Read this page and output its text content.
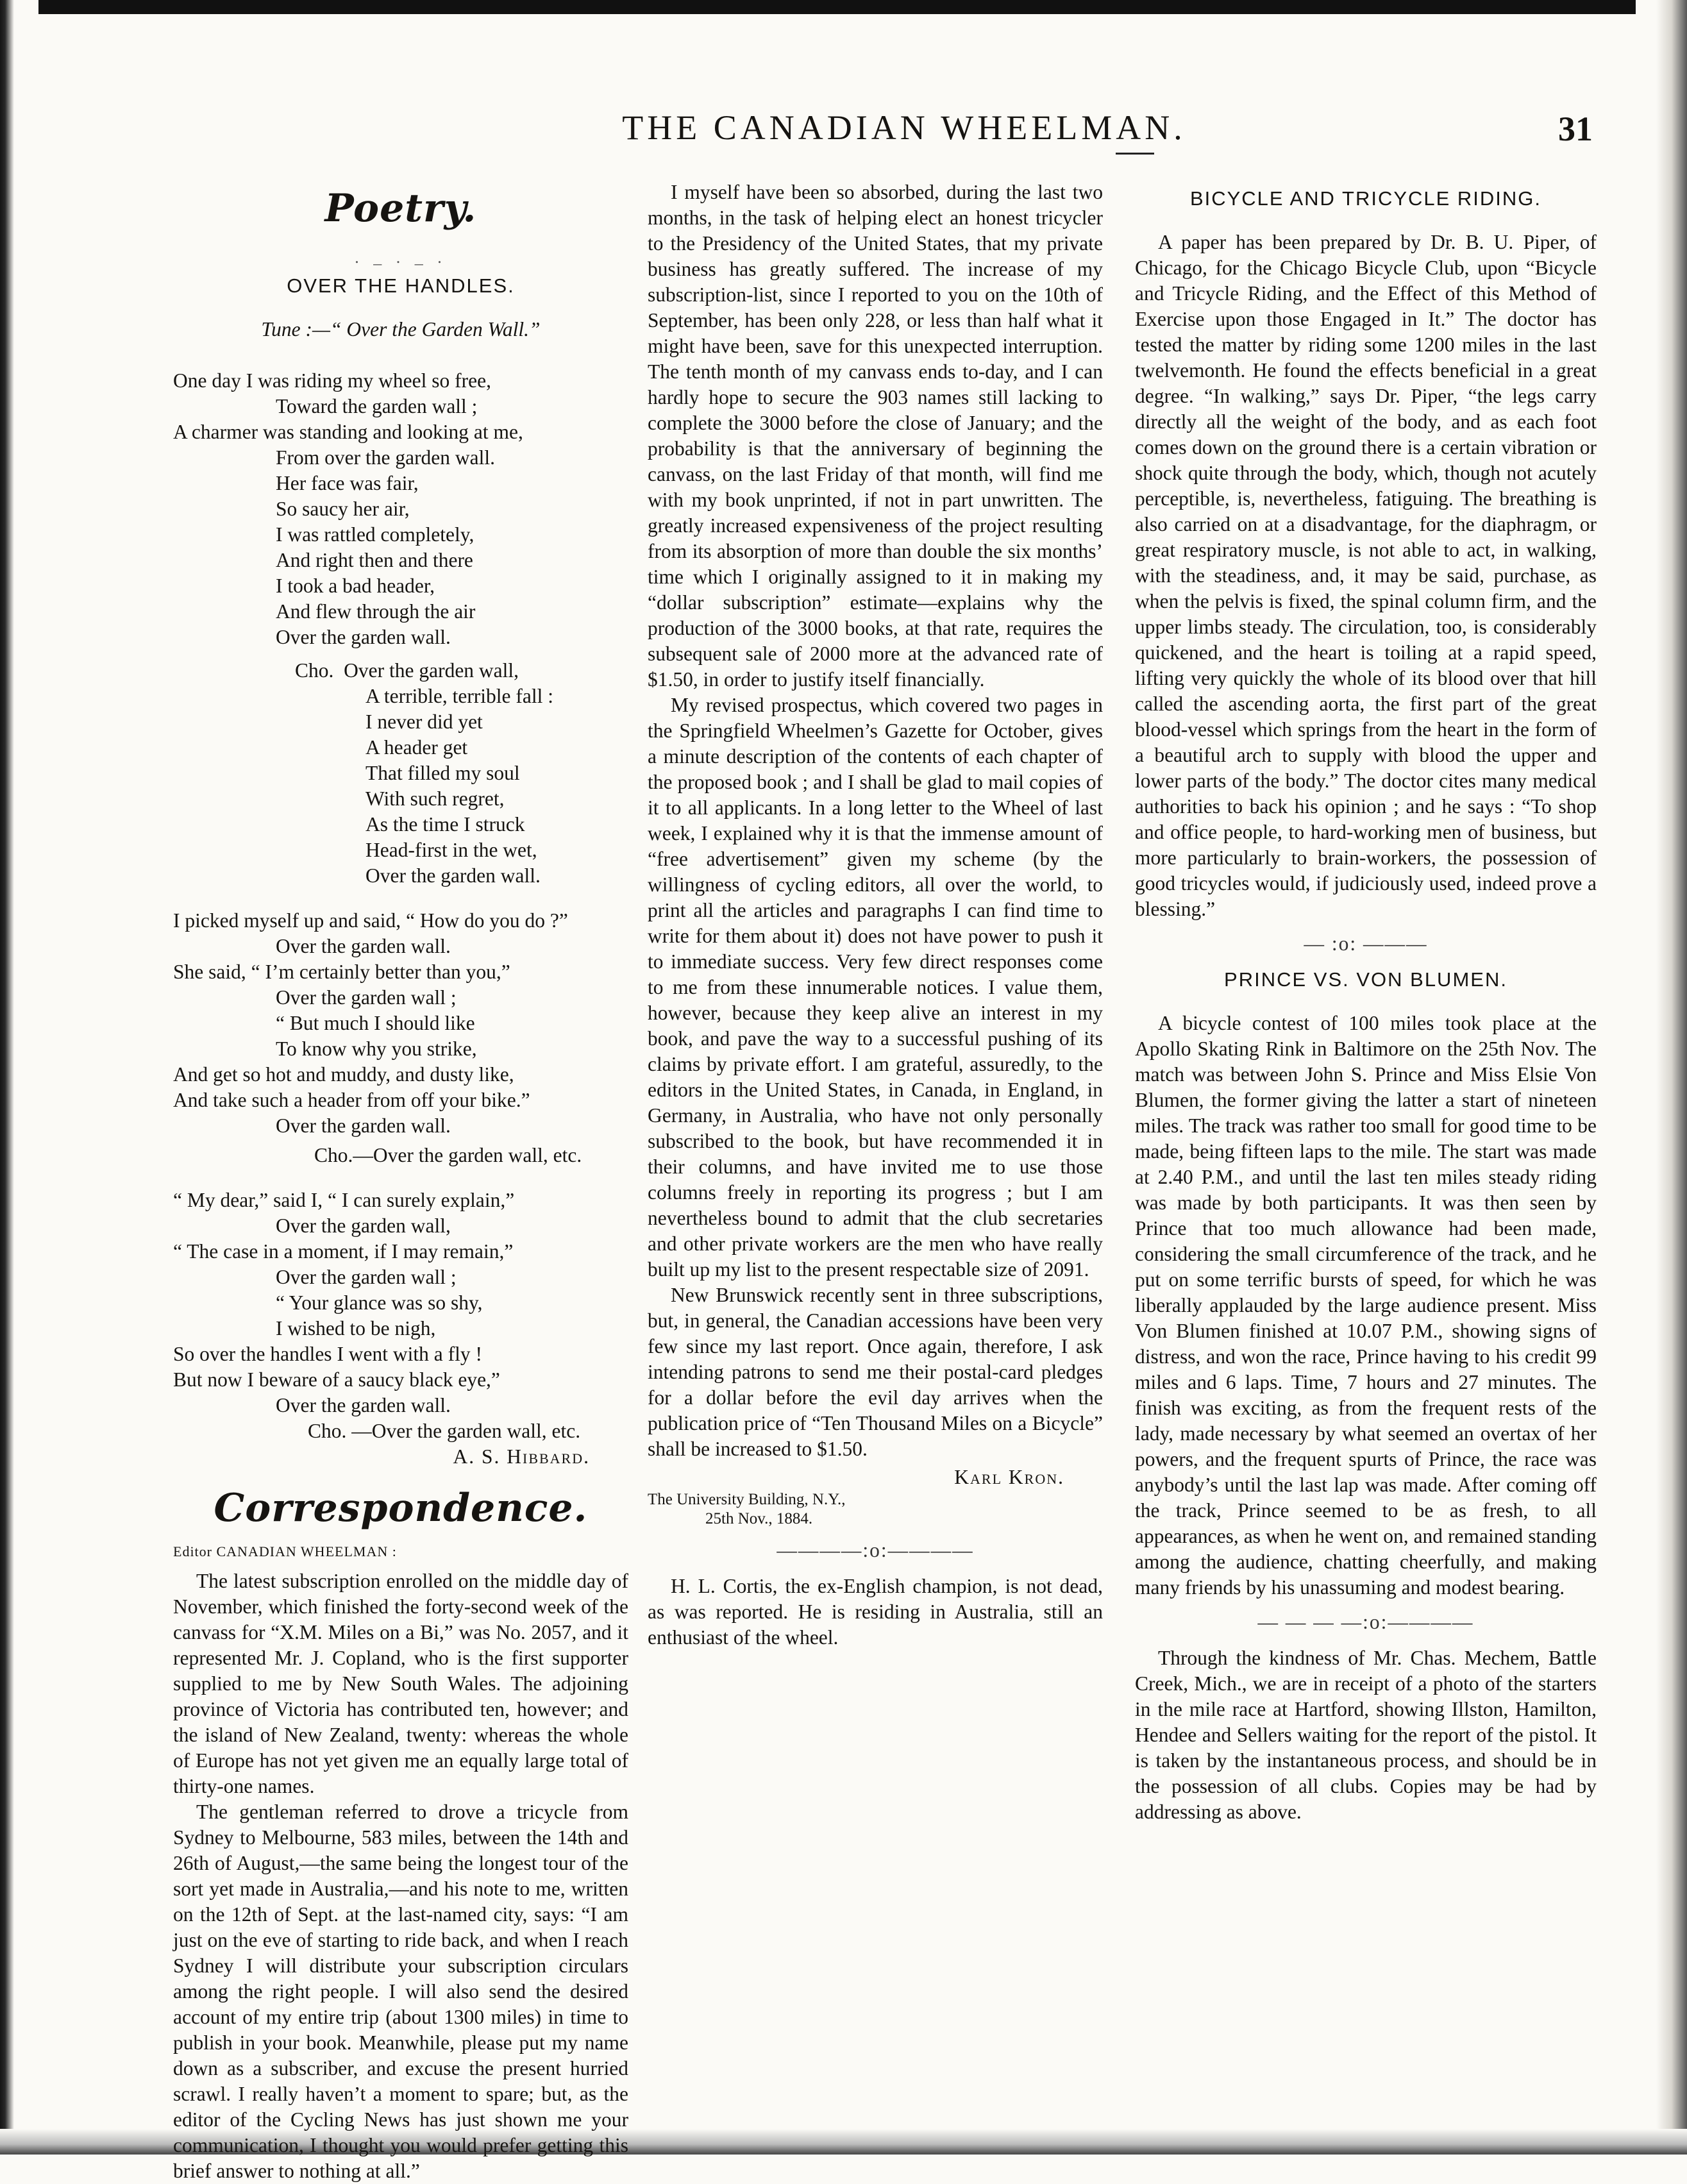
THE CANADIAN WHEELMAN.	31
Poetry.
. _ . _ .
OVER THE HANDLES.
Tune :—“ Over the Garden Wall.”
One day I was riding my wheel so free,
Toward the garden wall ;
A charmer was standing and looking at me,
From over the garden wall.
Her face was fair,
So saucy her air,
I was rattled completely,
And right then and there
I took a bad header,
And flew through the air
Over the garden wall.
Cho. Over the garden wall,
A terrible, terrible fall :
I never did yet
A header get
That filled my soul
With such regret,
As the time I struck
Head-first in the wet,
Over the garden wall.
I picked myself up and said, “ How do you do ?”
Over the garden wall.
She said, “ I’m certainly better than you,”
Over the garden wall ;
“ But much I should like
To know why you strike,
And get so hot and muddy, and dusty like,
And take such a header from off your bike.”
Over the garden wall.
Cho.—Over the garden wall, etc.
“ My dear,” said I, “ I can surely explain,”
Over the garden wall,
“ The case in a moment, if I may remain,”
Over the garden wall ;
“ Your glance was so shy,
I wished to be nigh,
So over the handles I went with a fly !
But now I beware of a saucy black eye,”
Over the garden wall.
Cho. —Over the garden wall, etc.
A. S. Hibbard.
Correspondence.

Editor CANADIAN WHEELMAN :

The latest subscription enrolled on the middle day of November, which finished the forty-second week of the canvass for “X.M. Miles on a Bi,” was No. 2057, and it represented Mr. J. Copland, who is the first supporter supplied to me by New South Wales. The adjoining province of Victoria has contributed ten, however; and the island of New Zealand, twenty: whereas the whole of Europe has not yet given me an equally large total of thirty-one names.

The gentleman referred to drove a tricycle from Sydney to Melbourne, 583 miles, between the 14th and 26th of August,—the same being the longest tour of the sort yet made in Australia,—and his note to me, written on the 12th of Sept. at the last-named city, says: “I am just on the eve of starting to ride back, and when I reach Sydney I will distribute your subscription circulars among the right people. I will also send the desired account of my entire trip (about 1300 miles) in time to publish in your book. Meanwhile, please put my name down as a subscriber, and excuse the present hurried scrawl. I really haven’t a moment to spare; but, as the editor of the Cycling News has just shown me your communication, I thought you would prefer getting this brief answer to nothing at all.”

I myself have been so absorbed, during the last two months, in the task of helping elect an honest tricycler to the Presidency of the United States, that my private business has greatly suffered. The increase of my subscription-list, since I reported to you on the 10th of September, has been only 228, or less than half what it might have been, save for this unexpected interruption. The tenth month of my canvass ends to-day, and I can hardly hope to secure the 903 names still lacking to complete the 3000 before the close of January; and the probability is that the anniversary of beginning the canvass, on the last Friday of that month, will find me with my book unprinted, if not in part unwritten. The greatly increased expensiveness of the project resulting from its absorption of more than double the six months’ time which I originally assigned to it in making my “dollar subscription” estimate—explains why the production of the 3000 books, at that rate, requires the subsequent sale of 2000 more at the advanced rate of $1.50, in order to justify itself financially.

My revised prospectus, which covered two pages in the Springfield Wheelmen’s Gazette for October, gives a minute description of the contents of each chapter of the proposed book ; and I shall be glad to mail copies of it to all applicants. In a long letter to the Wheel of last week, I explained why it is that the immense amount of “free advertisement” given my scheme (by the willingness of cycling editors, all over the world, to print all the articles and paragraphs I can find time to write for them about it) does not have power to push it to immediate success. Very few direct responses come to me from these innumerable notices. I value them, however, because they keep alive an interest in my book, and pave the way to a successful pushing of its claims by private effort. I am grateful, assuredly, to the editors in the United States, in Canada, in England, in Germany, in Australia, who have not only personally subscribed to the book, but have recommended it in their columns, and have invited me to use those columns freely in reporting its progress ; but I am nevertheless bound to admit that the club secretaries and other private workers are the men who have really built up my list to the present respectable size of 2091.

New Brunswick recently sent in three subscriptions, but, in general, the Canadian accessions have been very few since my last report. Once again, therefore, I ask intending patrons to send me their postal-card pledges for a dollar before the evil day arrives when the publication price of “Ten Thousand Miles on a Bicycle” shall be increased to $1.50.

Karl Kron.

The University Building, N.Y.,

25th Nov., 1884.

————:o:————

H. L. Cortis, the ex-English champion, is not dead, as was reported. He is residing in Australia, still an enthusiast of the wheel.

BICYCLE AND TRICYCLE RIDING.

A paper has been prepared by Dr. B. U. Piper, of Chicago, for the Chicago Bicycle Club, upon “Bicycle and Tricycle Riding, and the Effect of this Method of Exercise upon those Engaged in It.” The doctor has tested the matter by riding some 1200 miles in the last twelvemonth. He found the effects beneficial in a great degree. “In walking,” says Dr. Piper, “the legs carry directly all the weight of the body, and as each foot comes down on the ground there is a certain vibration or shock quite through the body, which, though not acutely perceptible, is, nevertheless, fatiguing. The breathing is also carried on at a disadvantage, for the diaphragm, or great respiratory muscle, is not able to act, in walking, with the steadiness, and, it may be said, purchase, as when the pelvis is fixed, the spinal column firm, and the upper limbs steady. The circulation, too, is considerably quickened, and the heart is toiling at a rapid speed, lifting very quickly the whole of its blood over that hill called the ascending aorta, the first part of the great blood-vessel which springs from the heart in the form of a beautiful arch to supply with blood the upper and lower parts of the body.” The doctor cites many medical authorities to back his opinion ; and he says : “To shop and office people, to hard-working men of business, but more particularly to brain-workers, the possession of good tricycles would, if judiciously used, indeed prove a blessing.”

— :o: ———

PRINCE VS. VON BLUMEN.

A bicycle contest of 100 miles took place at the Apollo Skating Rink in Baltimore on the 25th Nov. The match was between John S. Prince and Miss Elsie Von Blumen, the former giving the latter a start of nineteen miles. The track was rather too small for good time to be made, being fifteen laps to the mile. The start was made at 2.40 P.M., and until the last ten miles steady riding was made by both participants. It was then seen by Prince that too much allowance had been made, considering the small circumference of the track, and he put on some terrific bursts of speed, for which he was liberally applauded by the large audience present. Miss Von Blumen finished at 10.07 P.M., showing signs of distress, and won the race, Prince having to his credit 99 miles and 6 laps. Time, 7 hours and 27 minutes. The finish was exciting, as from the frequent rests of the lady, made necessary by what seemed an overtax of her powers, and the frequent spurts of Prince, the race was anybody’s until the last lap was made. After coming off the track, Prince seemed to be as fresh, to all appearances, as when he went on, and remained standing among the audience, chatting cheerfully, and making many friends by his unassuming and modest bearing.

— — — —:o:————

Through the kindness of Mr. Chas. Mechem, Battle Creek, Mich., we are in receipt of a photo of the starters in the mile race at Hartford, showing Illston, Hamilton, Hendee and Sellers waiting for the report of the pistol. It is taken by the instantaneous process, and should be in the possession of all clubs. Copies may be had by addressing as above.
